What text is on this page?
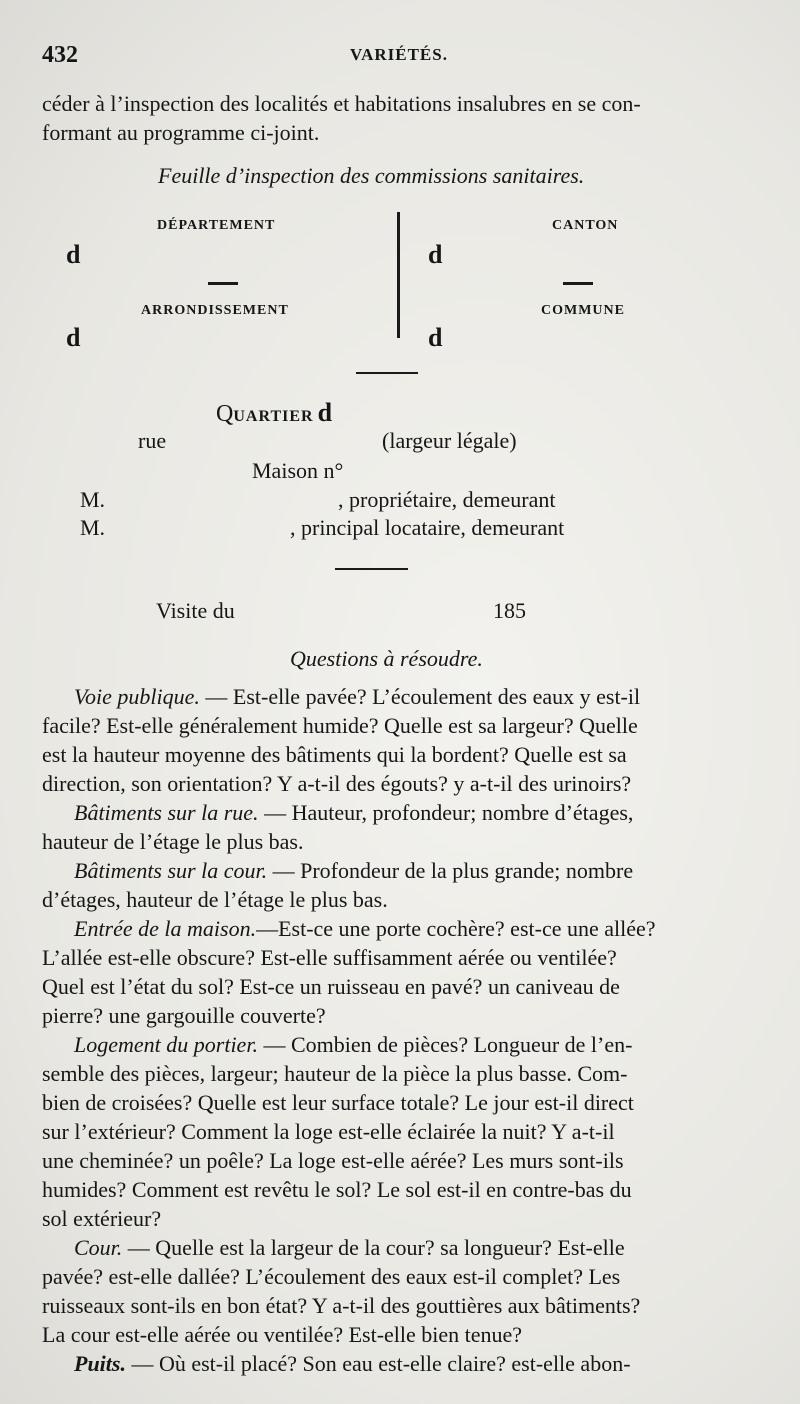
432	VARIÉTÉS.
céder à l’inspection des localités et habitations insalubres en se con-
formant au programme ci-joint.
Feuille d’inspection des commissions sanitaires.
DÉPARTEMENT	CANTON
d	d
ARRONDISSEMENT	COMMUNE
d	d
QUARTIER d
rue	(largeur légale)
Maison n°
M.	, propriétaire, demeurant
M.	, principal locataire, demeurant
Visite du	185
Questions à résoudre.
Voie publique. — Est-elle pavée? L’écoulement des eaux y est-il
facile? Est-elle généralement humide? Quelle est sa largeur? Quelle
est la hauteur moyenne des bâtiments qui la bordent? Quelle est sa
direction, son orientation? Y a-t-il des égouts? y a-t-il des urinoirs?
Bâtiments sur la rue. — Hauteur, profondeur; nombre d’étages,
hauteur de l’étage le plus bas.
Bâtiments sur la cour. — Profondeur de la plus grande; nombre
d’étages, hauteur de l’étage le plus bas.
Entrée de la maison.—Est-ce une porte cochère? est-ce une allée?
L’allée est-elle obscure? Est-elle suffisamment aérée ou ventilée?
Quel est l’état du sol? Est-ce un ruisseau en pavé? un caniveau de
pierre? une gargouille couverte?
Logement du portier. — Combien de pièces? Longueur de l’en-
semble des pièces, largeur; hauteur de la pièce la plus basse. Com-
bien de croisées? Quelle est leur surface totale? Le jour est-il direct
sur l’extérieur? Comment la loge est-elle éclairée la nuit? Y a-t-il
une cheminée? un poêle? La loge est-elle aérée? Les murs sont-ils
humides? Comment est revêtu le sol? Le sol est-il en contre-bas du
sol extérieur?
Cour. — Quelle est la largeur de la cour? sa longueur? Est-elle
pavée? est-elle dallée? L’écoulement des eaux est-il complet? Les
ruisseaux sont-ils en bon état? Y a-t-il des gouttières aux bâtiments?
La cour est-elle aérée ou ventilée? Est-elle bien tenue?
Puits. — Où est-il placé? Son eau est-elle claire? est-elle abon-
